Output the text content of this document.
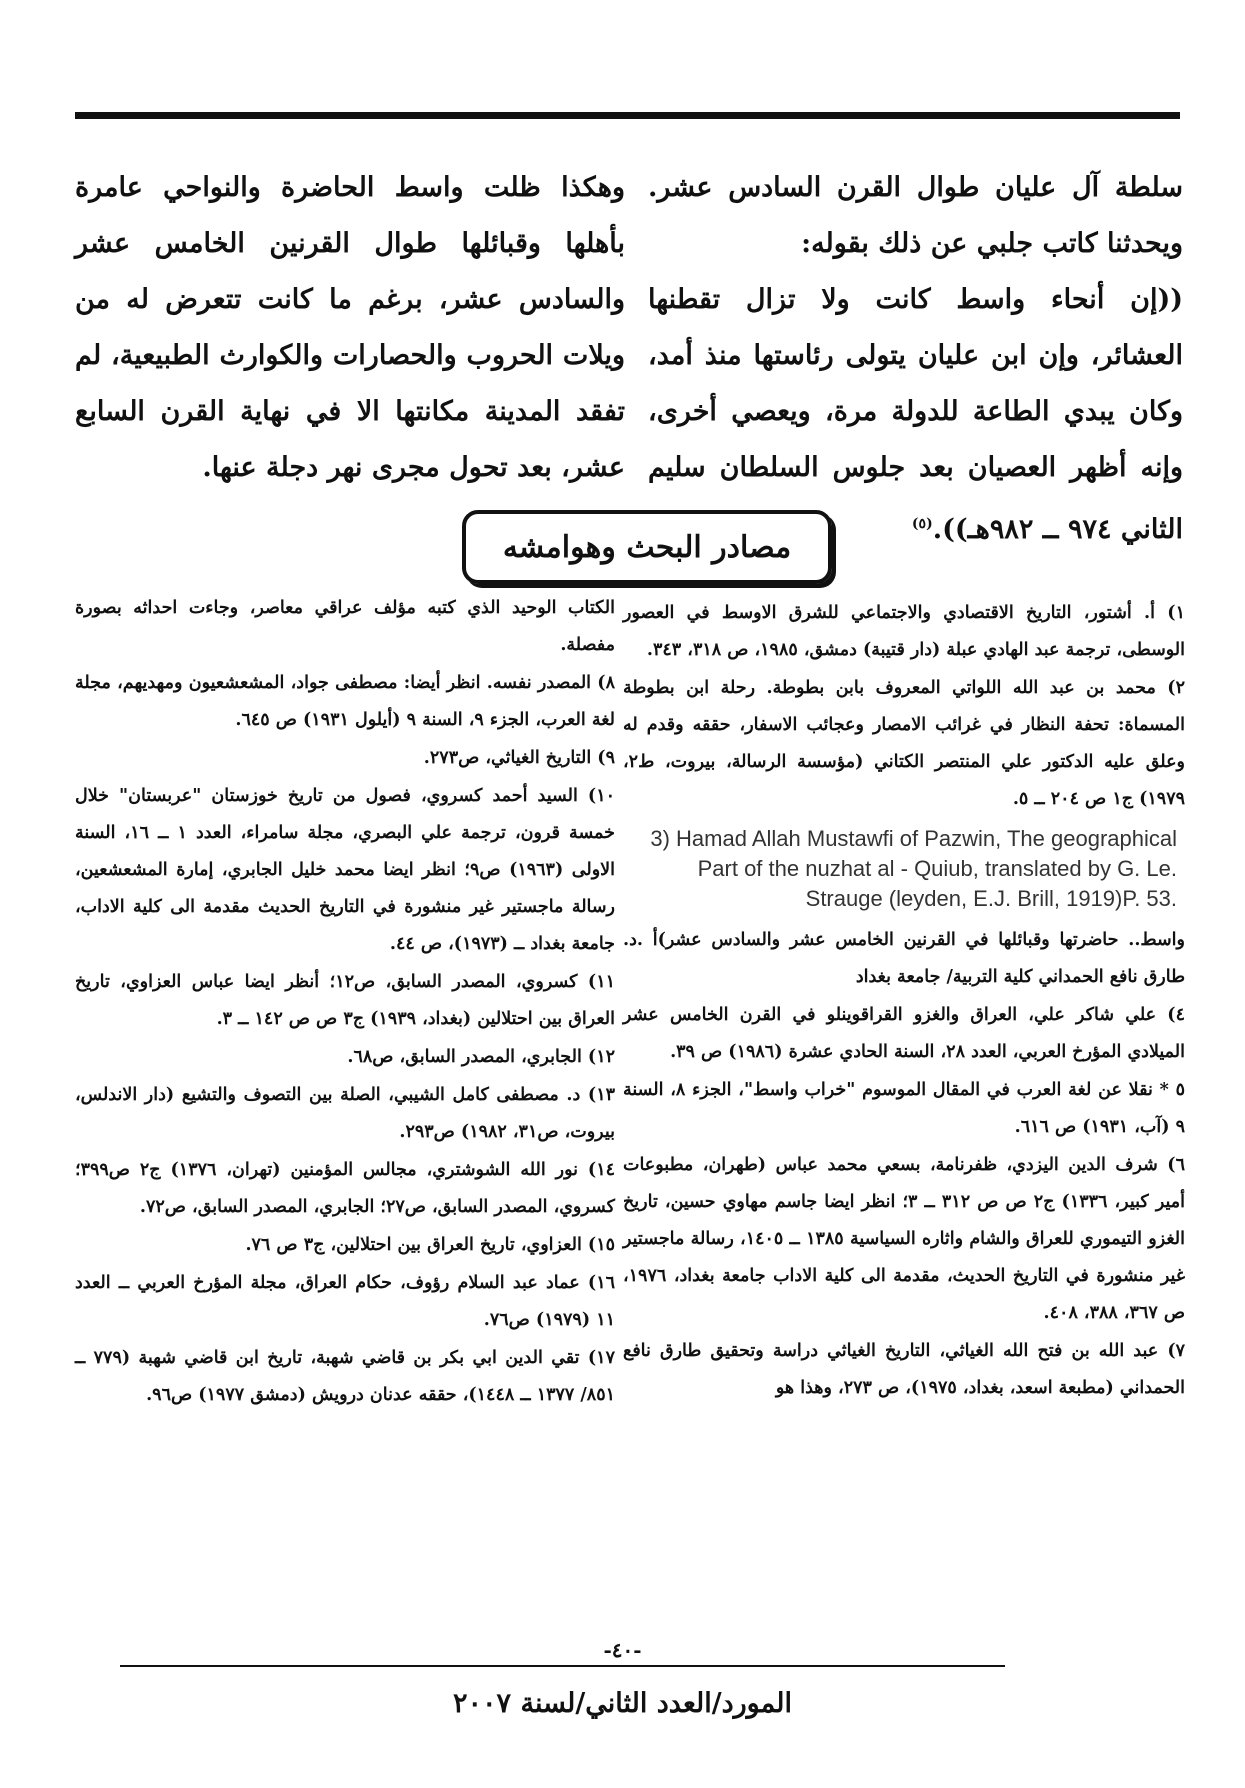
سلطة آل عليان طوال القرن السادس عشر. ويحدثنا كاتب جلبي عن ذلك بقوله:

((إن أنحاء واسط كانت ولا تزال تقطنها العشائر، وإن ابن عليان يتولى رئاستها منذ أمد، وكان يبدي الطاعة للدولة مرة، ويعصي أخرى، وإنه أظهر العصيان بعد جلوس السلطان سليم الثاني ٩٧٤ ــ ٩٨٢هـ)).$^{(٥)}$

وهكذا ظلت واسط الحاضرة والنواحي عامرة بأهلها وقبائلها طوال القرنين الخامس عشر والسادس عشر، برغم ما كانت تتعرض له من ويلات الحروب والحصارات والكوارث الطبيعية، لم تفقد المدينة مكانتها الا في نهاية القرن السابع عشر، بعد تحول مجرى نهر دجلة عنها.

مصادر البحث وهوامشه

١) أ. أشتور، التاريخ الاقتصادي والاجتماعي للشرق الاوسط في العصور الوسطى، ترجمة عبد الهادي عبلة (دار قتيبة) دمشق، ١٩٨٥، ص ٣١٨، ٣٤٣.

٢) محمد بن عبد الله اللواتي المعروف بابن بطوطة. رحلة ابن بطوطة المسماة: تحفة النظار في غرائب الامصار وعجائب الاسفار، حققه وقدم له وعلق عليه الدكتور علي المنتصر الكتاني (مؤسسة الرسالة، بيروت، ط٢، ١٩٧٩) ج١ ص ٢٠٤ ــ ٥.

3) Hamad Allah Mustawfi of Pazwin, The geographical Part of the nuzhat al - Quiub, translated by G. Le. Strauge (leyden, E.J. Brill, 1919)P. 53.

واسط.. حاضرتها وقبائلها في القرنين الخامس عشر والسادس عشر)أ .د. طارق نافع الحمداني كلية التربية/ جامعة بغداد

٤) علي شاكر علي، العراق والغزو القراقوينلو في القرن الخامس عشر الميلادي المؤرخ العربي، العدد ٢٨، السنة الحادي عشرة (١٩٨٦) ص ٣٩.

٥ * نقلا عن لغة العرب في المقال الموسوم "خراب واسط"، الجزء ٨، السنة ٩ (آب، ١٩٣١) ص ٦١٦.

٦) شرف الدين اليزدي، ظفرنامة، بسعي محمد عباس (طهران، مطبوعات أمير كبير، ١٣٣٦) ج٢ ص ص ٣١٢ ــ ٣؛ انظر ايضا جاسم مهاوي حسين، تاريخ الغزو التيموري للعراق والشام واثاره السياسية ١٣٨٥ ــ ١٤٠٥، رسالة ماجستير غير منشورة في التاريخ الحديث، مقدمة الى كلية الاداب جامعة بغداد، ١٩٧٦، ص ٣٦٧، ٣٨٨، ٤٠٨.

٧) عبد الله بن فتح الله الغياثي، التاريخ الغياثي دراسة وتحقيق طارق نافع الحمداني (مطبعة اسعد، بغداد، ١٩٧٥)، ص ٢٧٣، وهذا هو

الكتاب الوحيد الذي كتبه مؤلف عراقي معاصر، وجاءت احداثه بصورة مفصلة.

٨) المصدر نفسه. انظر أيضا: مصطفى جواد، المشعشعيون ومهديهم، مجلة لغة العرب، الجزء ٩، السنة ٩ (أيلول ١٩٣١) ص ٦٤٥.

٩) التاريخ الغياثي، ص٢٧٣.

١٠) السيد أحمد كسروي، فصول من تاريخ خوزستان "عربستان" خلال خمسة قرون، ترجمة علي البصري، مجلة سامراء، العدد ١ ــ ١٦، السنة الاولى (١٩٦٣) ص٩؛ انظر ايضا محمد خليل الجابري، إمارة المشعشعين، رسالة ماجستير غير منشورة في التاريخ الحديث مقدمة الى كلية الاداب، جامعة بغداد ــ (١٩٧٣)، ص ٤٤.

١١) كسروي، المصدر السابق، ص١٢؛ أنظر ايضا عباس العزاوي، تاريخ العراق بين احتلالين (بغداد، ١٩٣٩) ج٣ ص ص ١٤٢ ــ ٣.

١٢) الجابري، المصدر السابق، ص٦٨.

١٣) د. مصطفى كامل الشيبي، الصلة بين التصوف والتشيع (دار الاندلس، بيروت، ص٣١، ١٩٨٢) ص٢٩٣.

١٤) نور الله الشوشتري، مجالس المؤمنين (تهران، ١٣٧٦) ج٢ ص٣٩٩؛ كسروي، المصدر السابق، ص٢٧؛ الجابري، المصدر السابق، ص٧٢.

١٥) العزاوي، تاريخ العراق بين احتلالين، ج٣ ص ٧٦.

١٦) عماد عبد السلام رؤوف، حكام العراق، مجلة المؤرخ العربي ــ العدد ١١ (١٩٧٩) ص٧٦.

١٧) تقي الدين ابي بكر بن قاضي شهبة، تاريخ ابن قاضي شهبة (٧٧٩ ــ ٨٥١/ ١٣٧٧ ــ ١٤٤٨)، حققه عدنان درويش (دمشق ١٩٧٧) ص٩٦.

-٤٠-
المورد/العدد الثاني/لسنة ٢٠٠٧
